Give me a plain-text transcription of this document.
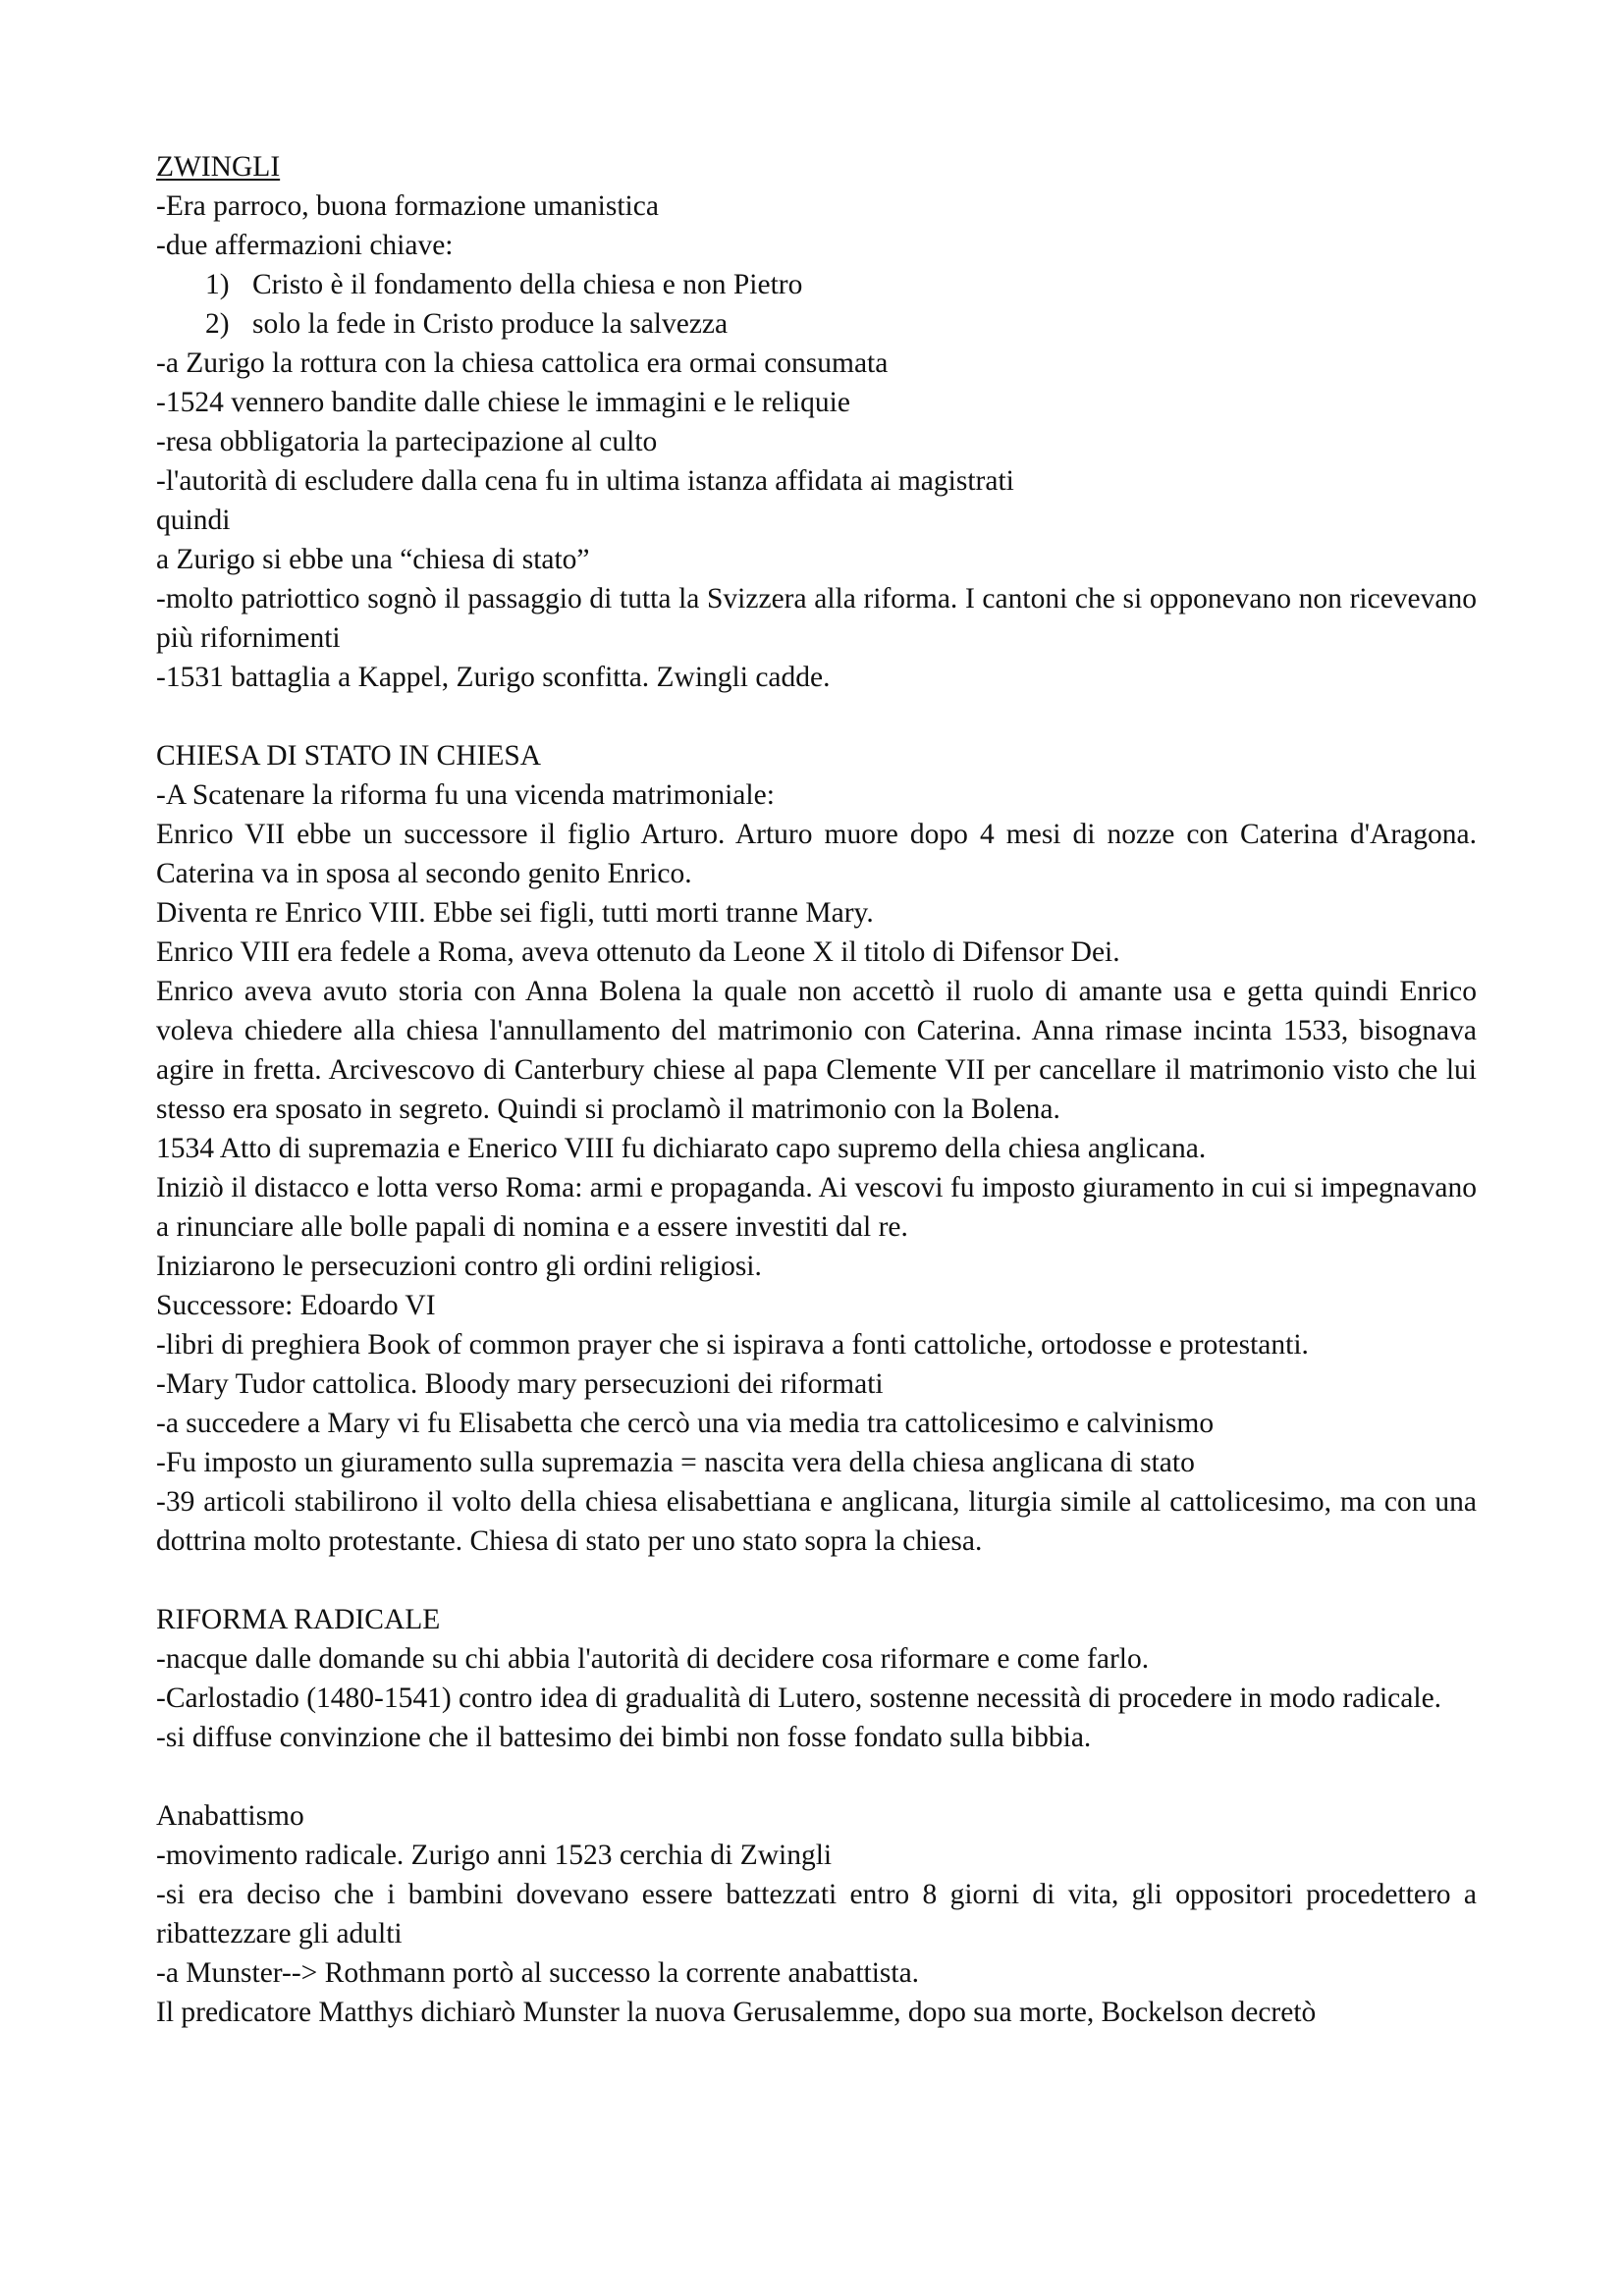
ZWINGLI
-Era parroco, buona formazione umanistica
-due affermazioni chiave:
1) Cristo è il fondamento della chiesa e non Pietro
2) solo la fede in Cristo produce la salvezza
-a Zurigo la rottura con la chiesa cattolica era ormai consumata
-1524 vennero bandite dalle chiese le immagini e le reliquie
-resa obbligatoria la partecipazione al culto
-l'autorità di escludere dalla cena fu in ultima istanza affidata ai magistrati
quindi
a Zurigo si ebbe una “chiesa di stato”
-molto patriottico sognò il passaggio di tutta la Svizzera alla riforma. I cantoni che si opponevano non ricevevano più rifornimenti
-1531 battaglia a Kappel, Zurigo sconfitta. Zwingli cadde.
CHIESA DI STATO IN CHIESA
-A Scatenare la riforma fu una vicenda matrimoniale:
Enrico VII ebbe un successore il figlio Arturo. Arturo muore dopo 4 mesi di nozze con Caterina d'Aragona. Caterina va in sposa al secondo genito Enrico.
Diventa re Enrico VIII. Ebbe sei figli, tutti morti tranne Mary.
Enrico VIII era fedele a Roma, aveva ottenuto da Leone X il titolo di Difensor Dei.
Enrico aveva avuto storia con Anna Bolena la quale non accettò il ruolo di amante usa e getta quindi Enrico voleva chiedere alla chiesa l'annullamento del matrimonio con Caterina. Anna rimase incinta 1533, bisognava agire in fretta. Arcivescovo di Canterbury chiese al papa Clemente VII per cancellare il matrimonio visto che lui stesso era sposato in segreto. Quindi si proclamò il matrimonio con la Bolena.
1534 Atto di supremazia e Enerico VIII fu dichiarato capo supremo della chiesa anglicana.
Iniziò il distacco e lotta verso Roma: armi e propaganda. Ai vescovi fu imposto giuramento in cui si impegnavano a rinunciare alle bolle papali di nomina e a essere investiti dal re.
Iniziarono le persecuzioni contro gli ordini religiosi.
Successore: Edoardo VI
-libri di preghiera Book of common prayer che si ispirava a fonti cattoliche, ortodosse e protestanti.
-Mary Tudor cattolica. Bloody mary persecuzioni dei riformati
-a succedere a Mary vi fu Elisabetta che cercò una via media tra cattolicesimo e calvinismo
-Fu imposto un giuramento sulla supremazia = nascita vera della chiesa anglicana di stato
-39 articoli stabilirono il volto della chiesa elisabettiana e anglicana, liturgia simile al cattolicesimo, ma con una dottrina molto protestante. Chiesa di stato per uno stato sopra la chiesa.
RIFORMA RADICALE
-nacque dalle domande su chi abbia l'autorità di decidere cosa riformare e come farlo.
-Carlostadio (1480-1541) contro idea di gradualità di Lutero, sostenne necessità di procedere in modo radicale.
-si diffuse convinzione che il battesimo dei bimbi non fosse fondato sulla bibbia.
Anabattismo
-movimento radicale. Zurigo anni 1523 cerchia di Zwingli
-si era deciso che i bambini dovevano essere battezzati entro 8 giorni di vita, gli oppositori procedettero a ribattezzare gli adulti
-a Munster--> Rothmann portò al successo la corrente anabattista.
Il predicatore Matthys dichiarò Munster la nuova Gerusalemme, dopo sua morte, Bockelson decretò
